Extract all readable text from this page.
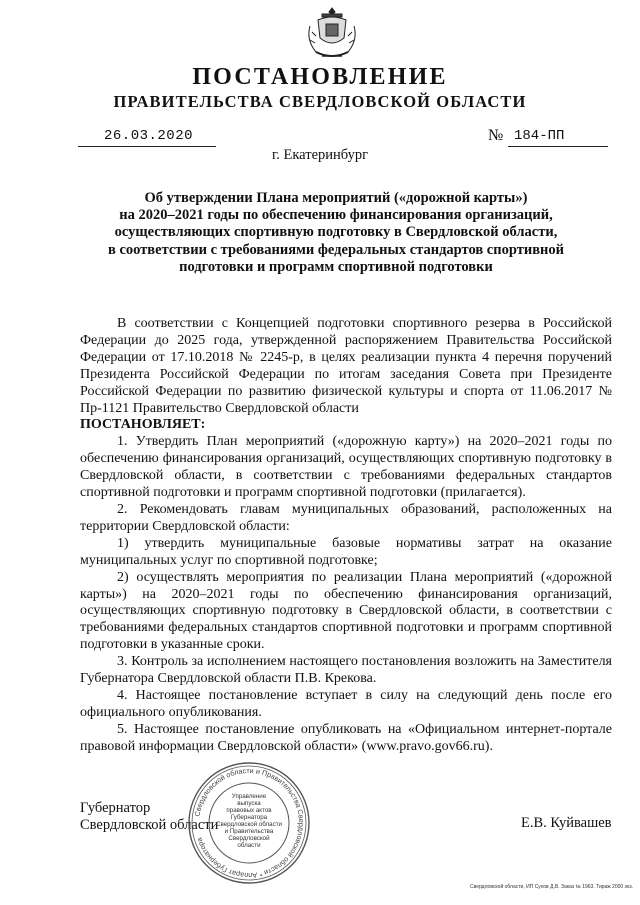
ПОСТАНОВЛЕНИЕ
ПРАВИТЕЛЬСТВА СВЕРДЛОВСКОЙ ОБЛАСТИ
26.03.2020	№ 184-ПП
г. Екатеринбург
Об утверждении Плана мероприятий («дорожной карты»)
на 2020–2021 годы по обеспечению финансирования организаций,
осуществляющих спортивную подготовку в Свердловской области,
в соответствии с требованиями федеральных стандартов спортивной
подготовки и программ спортивной подготовки

В соответствии с Концепцией подготовки спортивного резерва в Российской Федерации до 2025 года, утвержденной распоряжением Правительства Российской Федерации от 17.10.2018 № 2245-р, в целях реализации пункта 4 перечня поручений Президента Российской Федерации по итогам заседания Совета при Президенте Российской Федерации по развитию физической культуры и спорта от 11.06.2017 № Пр-1121 Правительство Свердловской области

ПОСТАНОВЛЯЕТ:

1. Утвердить План мероприятий («дорожную карту») на 2020–2021 годы по обеспечению финансирования организаций, осуществляющих спортивную подготовку в Свердловской области, в соответствии с требованиями федеральных стандартов спортивной подготовки и программ спортивной подготовки (прилагается).

2. Рекомендовать главам муниципальных образований, расположенных на территории Свердловской области:

1) утвердить муниципальные базовые нормативы затрат на оказание муниципальных услуг по спортивной подготовке;

2) осуществлять мероприятия по реализации Плана мероприятий («дорожной карты») на 2020–2021 годы по обеспечению финансирования организаций, осуществляющих спортивную подготовку в Свердловской области, в соответствии с требованиями федеральных стандартов спортивной подготовки и программ спортивной подготовки в указанные сроки.

3. Контроль за исполнением настоящего постановления возложить на Заместителя Губернатора Свердловской области П.В. Крекова.

4. Настоящее постановление вступает в силу на следующий день после его официального опубликования.

5. Настоящее постановление опубликовать на «Официальном интернет-портале правовой информации Свердловской области» (www.pravo.gov66.ru).

Губернатор
Свердловской области	Е.В. Куйвашев
Свердловской области и Правительства Свердловской области * Аппарат Губернатора
Управление
выпуска
правовых актов
Губернатора
Свердловской области
и Правительства
Свердловской
области
Свердловской области, ИП Сухов Д.В. Заказ № 1963. Тираж 2000 экз.
